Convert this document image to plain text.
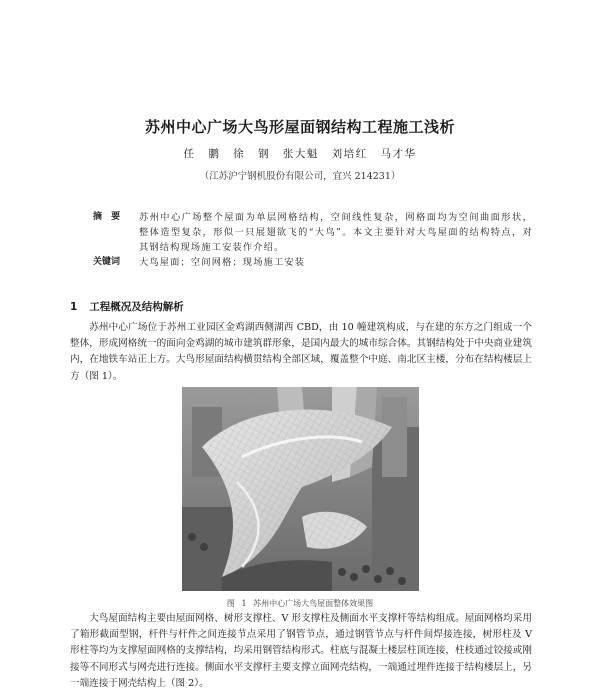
苏州中心广场大鸟形屋面钢结构工程施工浅析
任 鹏 徐 钢 张大魁 刘培红 马才华
（江苏沪宁钢机股份有限公司，宜兴 214231）
摘 要	苏州中心广场整个屋面为单层网格结构，空间线性复杂，网格面均为空间曲面形状，整体造型复杂，形似一只展翅欲飞的“大鸟”。本文主要针对大鸟屋面的结构特点，对其钢结构现场施工安装作介绍。
关键词	大鸟屋面；空间网格；现场施工安装
1 工程概况及结构解析
苏州中心广场位于苏州工业园区金鸡湖西侧湖西 CBD，由 10 幢建筑构成，与在建的东方之门组成一个整体，形成网格统一的面向金鸡湖的城市建筑群形象，是国内最大的城市综合体。其钢结构处于中央商业建筑内，在地铁车站正上方。大鸟形屋面结构横贯结构全部区域，覆盖整个中庭、南北区主楼，分布在结构楼层上方（图 1）。
图 1 苏州中心广场大鸟屋面整体效果图
大鸟屋面结构主要由屋面网格、树形支撑柱、V 形支撑柱及侧面水平支撑杆等结构组成。屋面网格均采用了箱形截面型钢，杆件与杆件之间连接节点采用了钢管节点，通过钢管节点与杆件间焊接连接，树形柱及 V 形柱等均为支撑屋面网格的支撑结构，均采用钢管结构形式。柱底与混凝土楼层柱顶连接，柱枝通过铰接或刚接等不同形式与网壳进行连接。侧面水平支撑杆主要支撑立面网壳结构，一端通过埋件连接于结构楼层上，另一端连接于网壳结构上（图 2）。
